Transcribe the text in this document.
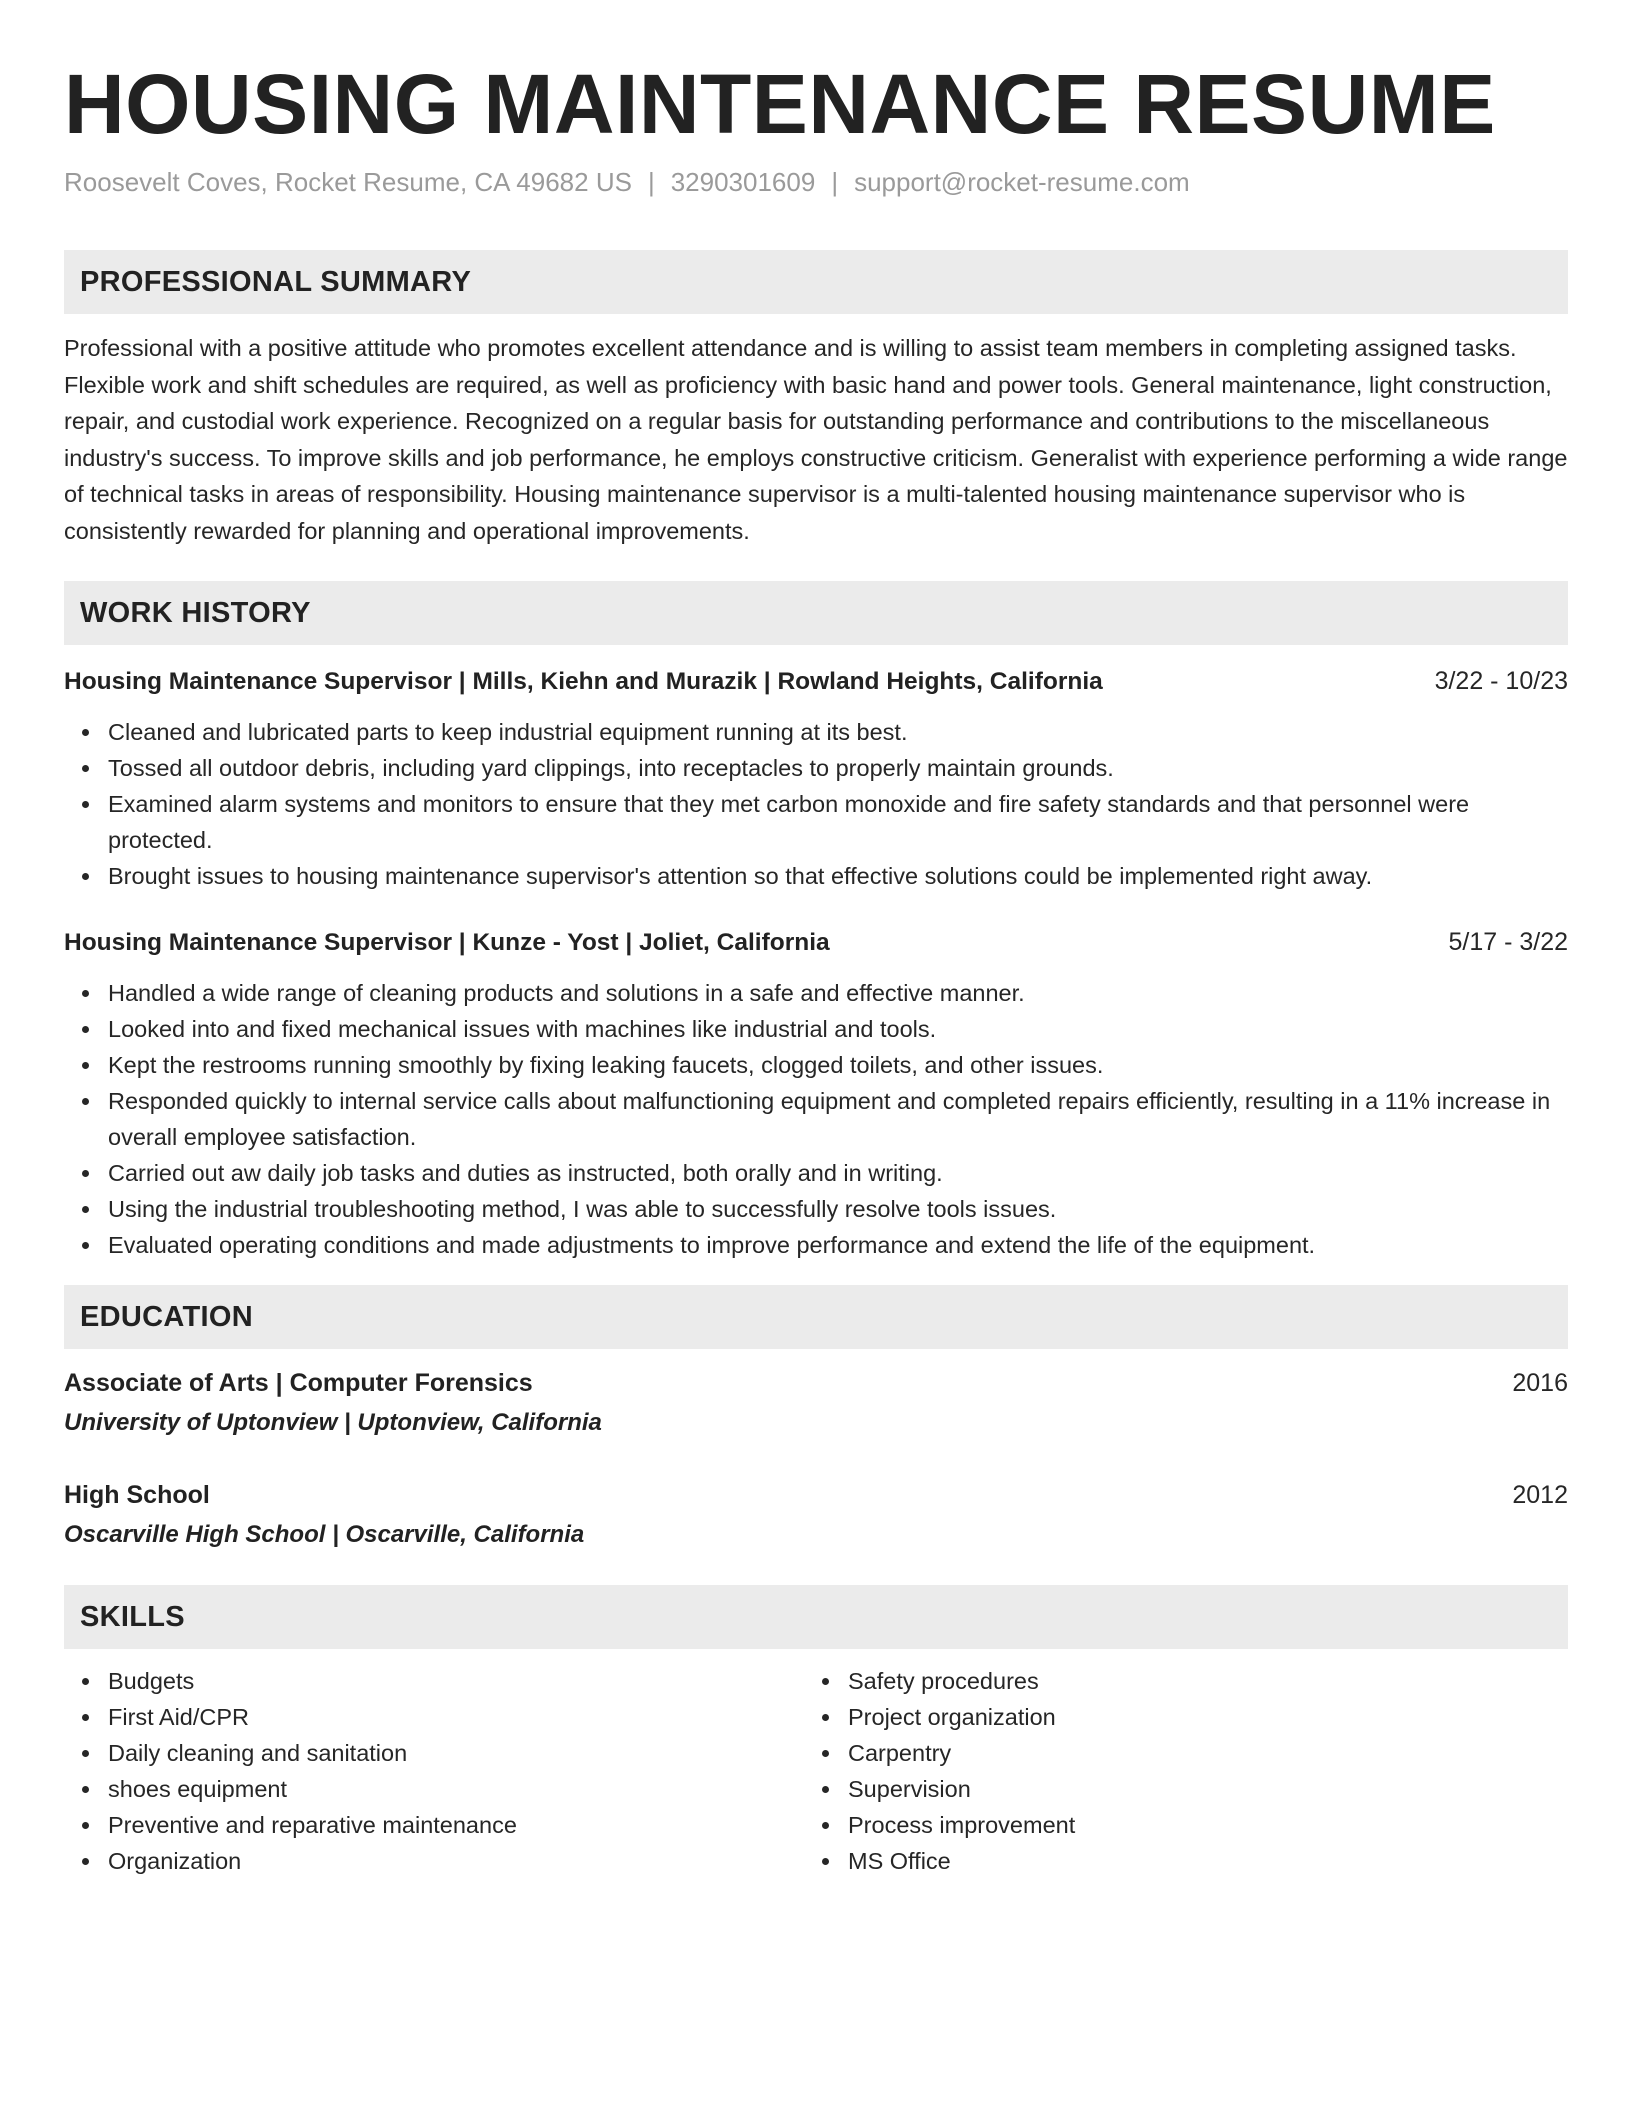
HOUSING MAINTENANCE RESUME
Roosevelt Coves, Rocket Resume, CA 49682 US | 3290301609 | support@rocket-resume.com
PROFESSIONAL SUMMARY

Professional with a positive attitude who promotes excellent attendance and is willing to assist team members in completing assigned tasks. Flexible work and shift schedules are required, as well as proficiency with basic hand and power tools. General maintenance, light construction, repair, and custodial work experience. Recognized on a regular basis for outstanding performance and contributions to the miscellaneous industry's success. To improve skills and job performance, he employs constructive criticism. Generalist with experience performing a wide range of technical tasks in areas of responsibility. Housing maintenance supervisor is a multi-talented housing maintenance supervisor who is consistently rewarded for planning and operational improvements.

WORK HISTORY
Housing Maintenance Supervisor | Mills, Kiehn and Murazik | Rowland Heights, California	3/22 - 10/23
Cleaned and lubricated parts to keep industrial equipment running at its best.
Tossed all outdoor debris, including yard clippings, into receptacles to properly maintain grounds.
Examined alarm systems and monitors to ensure that they met carbon monoxide and fire safety standards and that personnel were protected.
Brought issues to housing maintenance supervisor's attention so that effective solutions could be implemented right away.
Housing Maintenance Supervisor | Kunze - Yost | Joliet, California	5/17 - 3/22
Handled a wide range of cleaning products and solutions in a safe and effective manner.
Looked into and fixed mechanical issues with machines like industrial and tools.
Kept the restrooms running smoothly by fixing leaking faucets, clogged toilets, and other issues.
Responded quickly to internal service calls about malfunctioning equipment and completed repairs efficiently, resulting in a 11% increase in overall employee satisfaction.
Carried out aw daily job tasks and duties as instructed, both orally and in writing.
Using the industrial troubleshooting method, I was able to successfully resolve tools issues.
Evaluated operating conditions and made adjustments to improve performance and extend the life of the equipment.
EDUCATION
Associate of Arts | Computer Forensics	2016
University of Uptonview | Uptonview, California
High School	2012
Oscarville High School | Oscarville, California
SKILLS
Budgets
First Aid/CPR
Daily cleaning and sanitation
shoes equipment
Preventive and reparative maintenance
Organization
Safety procedures
Project organization
Carpentry
Supervision
Process improvement
MS Office
